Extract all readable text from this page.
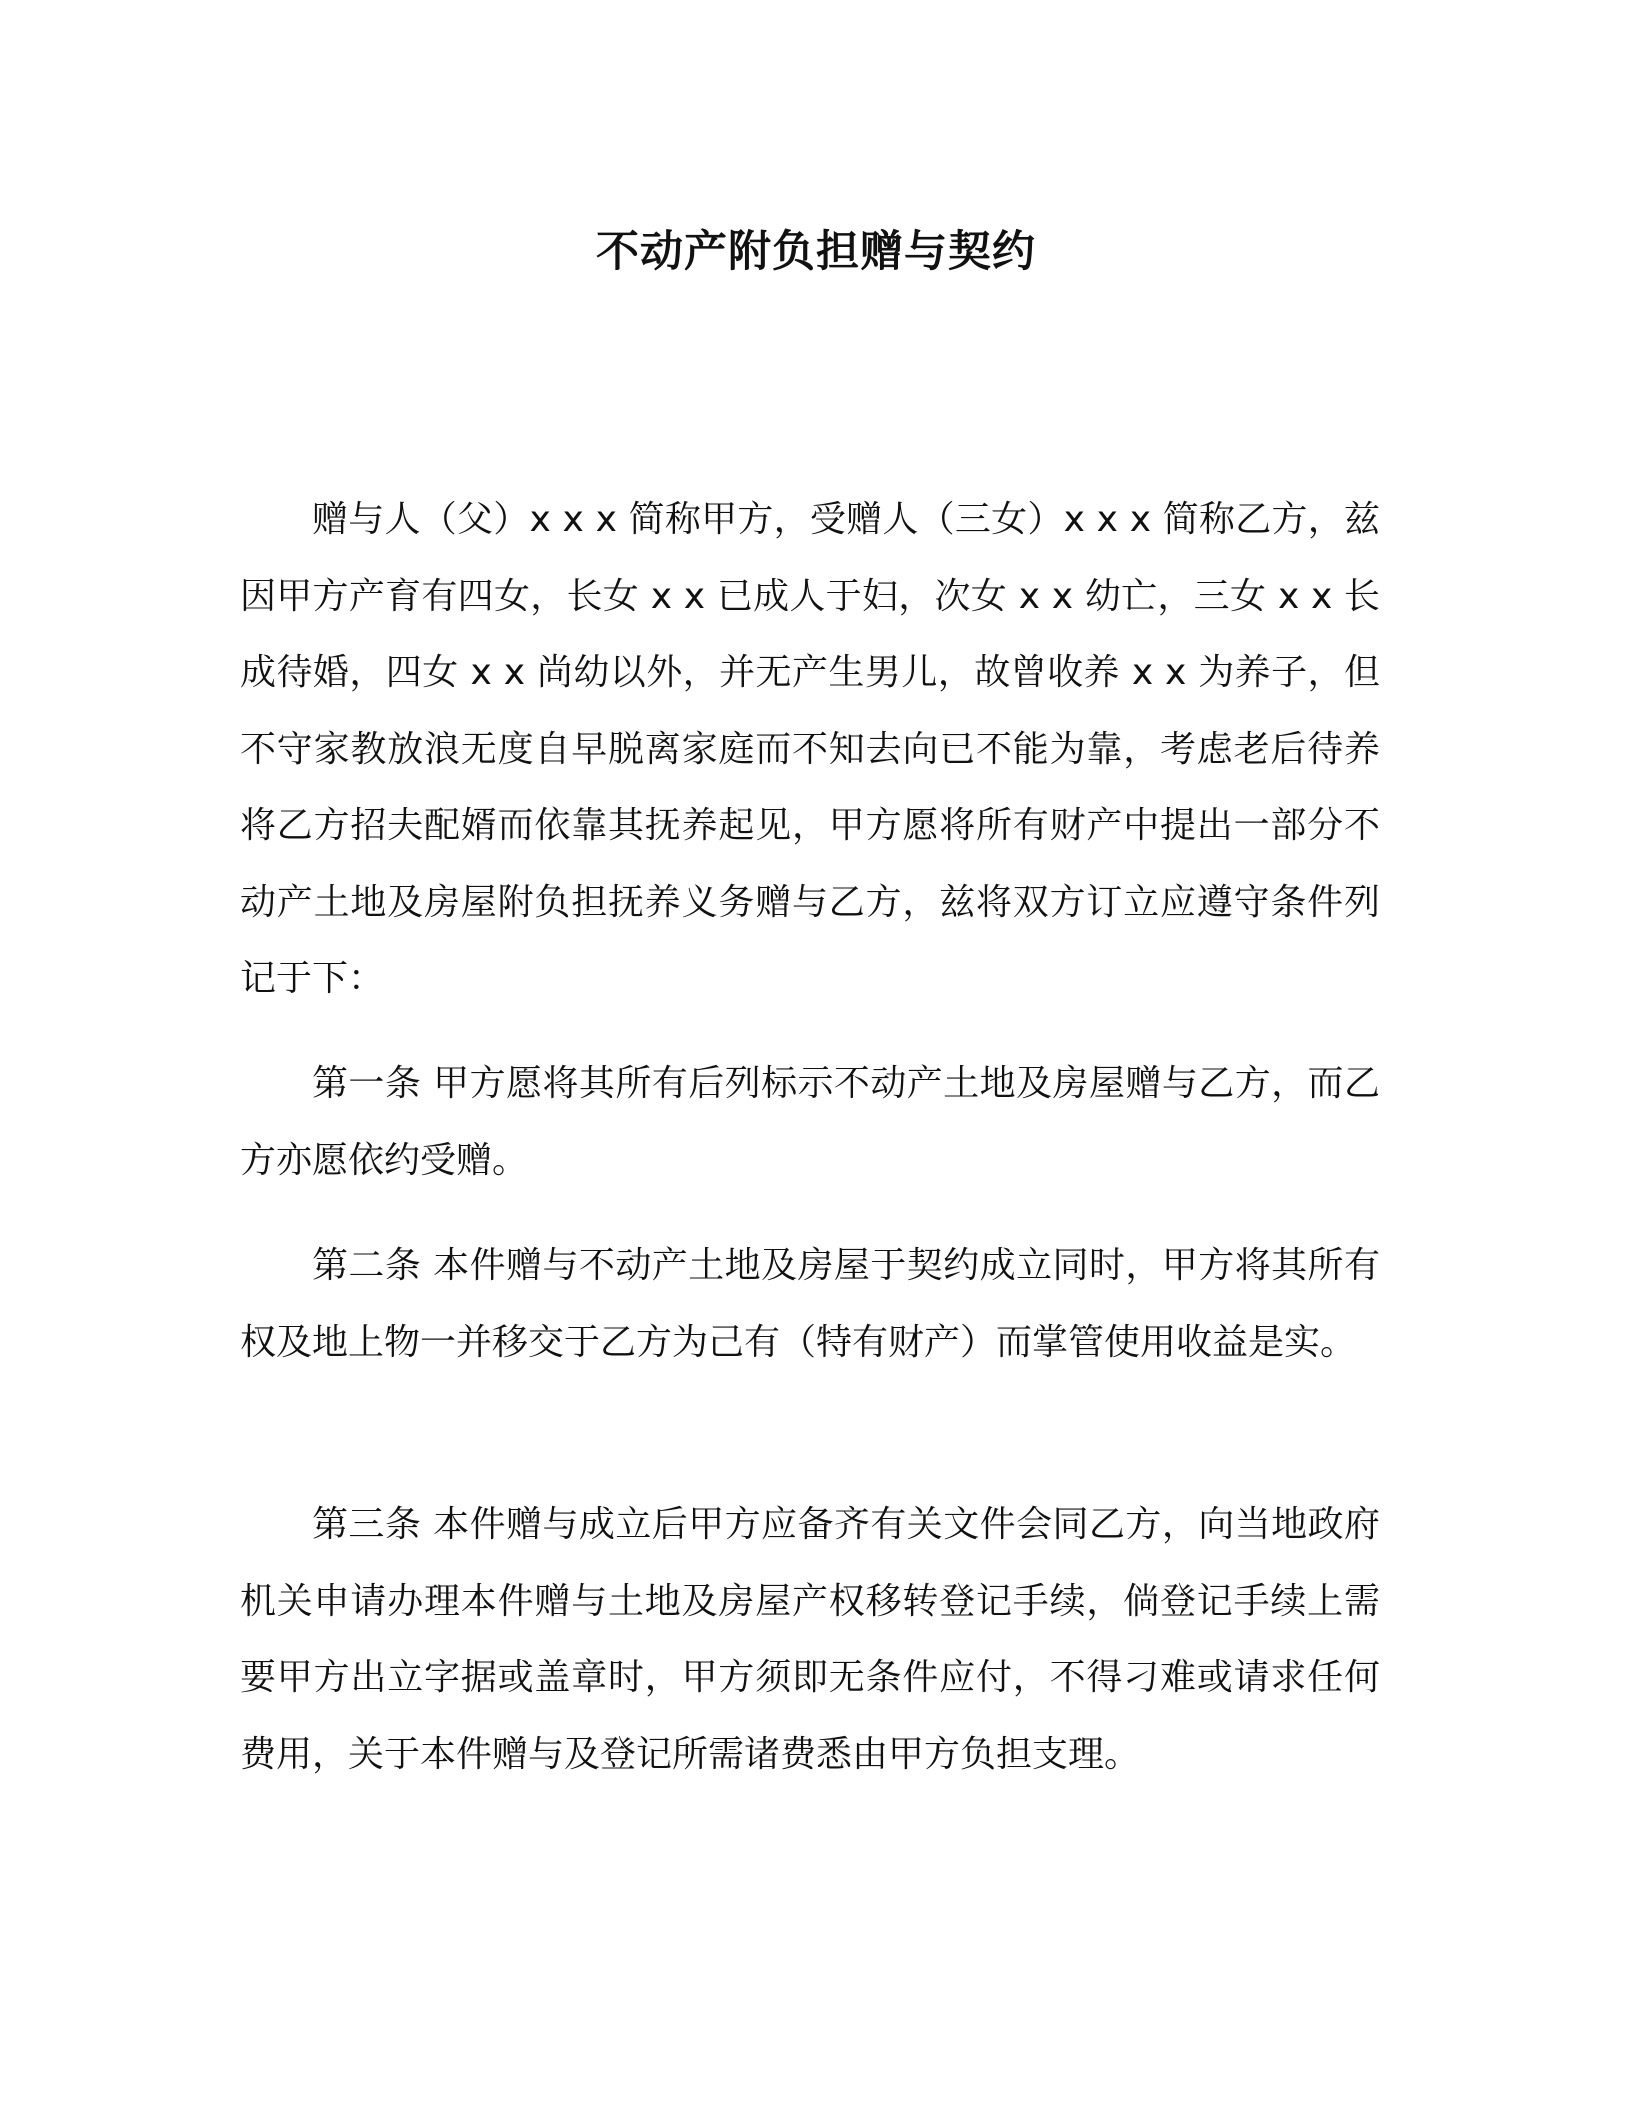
不动产附负担赠与契约

赠与人（父）x x x 简称甲方，受赠人（三女）x x x 简称乙方，兹因甲方产育有四女，长女 x x 已成人于妇，次女 x x 幼亡，三女 x x 长成待婚，四女 x x 尚幼以外，并无产生男儿，故曾收养 x x 为养子，但不守家教放浪无度自早脱离家庭而不知去向已不能为靠，考虑老后待养将乙方招夫配婿而依靠其抚养起见，甲方愿将所有财产中提出一部分不动产土地及房屋附负担抚养义务赠与乙方，兹将双方订立应遵守条件列记于下：

第一条 甲方愿将其所有后列标示不动产土地及房屋赠与乙方，而乙方亦愿依约受赠。

第二条 本件赠与不动产土地及房屋于契约成立同时，甲方将其所有权及地上物一并移交于乙方为己有（特有财产）而掌管使用收益是实。

第三条 本件赠与成立后甲方应备齐有关文件会同乙方，向当地政府机关申请办理本件赠与土地及房屋产权移转登记手续，倘登记手续上需要甲方出立字据或盖章时，甲方须即无条件应付，不得刁难或请求任何费用，关于本件赠与及登记所需诸费悉由甲方负担支理。
